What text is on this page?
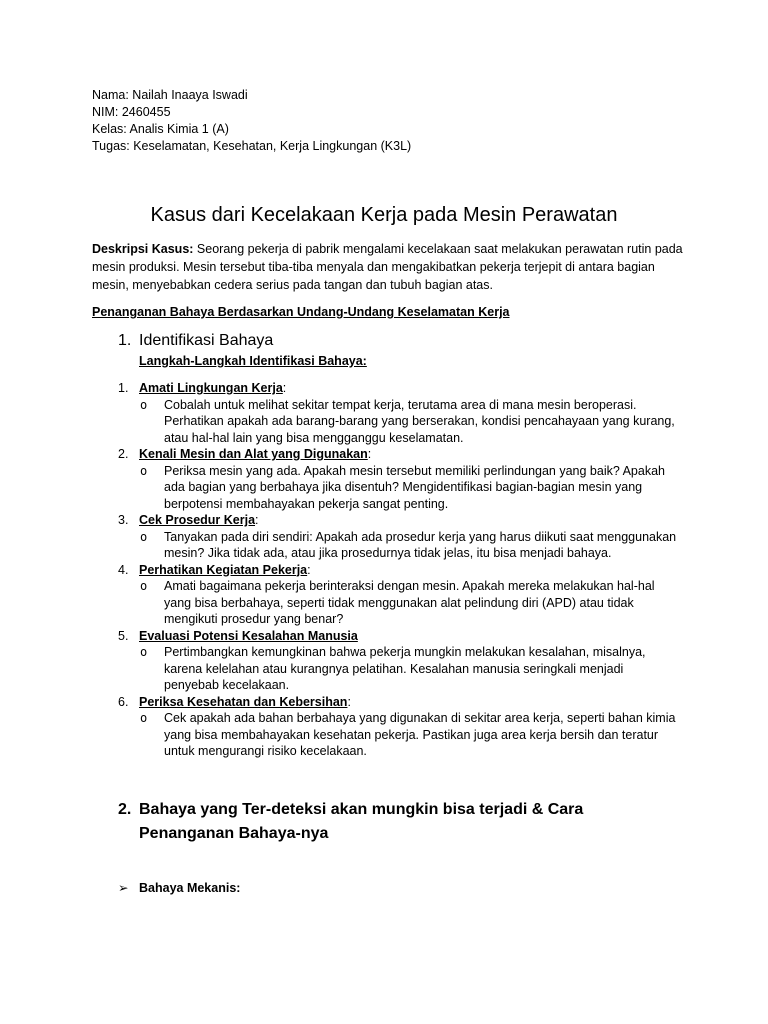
Nama: Nailah Inaaya Iswadi
NIM: 2460455
Kelas: Analis Kimia 1 (A)
Tugas: Keselamatan, Kesehatan, Kerja Lingkungan (K3L)
Kasus dari Kecelakaan Kerja pada Mesin Perawatan

Deskripsi Kasus: Seorang pekerja di pabrik mengalami kecelakaan saat melakukan perawatan rutin pada mesin produksi. Mesin tersebut tiba-tiba menyala dan mengakibatkan pekerja terjepit di antara bagian mesin, menyebabkan cedera serius pada tangan dan tubuh bagian atas.

Penanganan Bahaya Berdasarkan Undang-Undang Keselamatan Kerja
1. Identifikasi Bahaya
Langkah-Langkah Identifikasi Bahaya:
1. Amati Lingkungan Kerja:
o Cobalah untuk melihat sekitar tempat kerja, terutama area di mana mesin beroperasi. Perhatikan apakah ada barang-barang yang berserakan, kondisi pencahayaan yang kurang, atau hal-hal lain yang bisa mengganggu keselamatan.
2. Kenali Mesin dan Alat yang Digunakan:
o Periksa mesin yang ada. Apakah mesin tersebut memiliki perlindungan yang baik? Apakah ada bagian yang berbahaya jika disentuh? Mengidentifikasi bagian-bagian mesin yang berpotensi membahayakan pekerja sangat penting.
3. Cek Prosedur Kerja:
o Tanyakan pada diri sendiri: Apakah ada prosedur kerja yang harus diikuti saat menggunakan mesin? Jika tidak ada, atau jika prosedurnya tidak jelas, itu bisa menjadi bahaya.
4. Perhatikan Kegiatan Pekerja:
o Amati bagaimana pekerja berinteraksi dengan mesin. Apakah mereka melakukan hal-hal yang bisa berbahaya, seperti tidak menggunakan alat pelindung diri (APD) atau tidak mengikuti prosedur yang benar?
5. Evaluasi Potensi Kesalahan Manusia
o Pertimbangkan kemungkinan bahwa pekerja mungkin melakukan kesalahan, misalnya, karena kelelahan atau kurangnya pelatihan. Kesalahan manusia seringkali menjadi penyebab kecelakaan.
6. Periksa Kesehatan dan Kebersihan:
o Cek apakah ada bahan berbahaya yang digunakan di sekitar area kerja, seperti bahan kimia yang bisa membahayakan kesehatan pekerja. Pastikan juga area kerja bersih dan teratur untuk mengurangi risiko kecelakaan.
2. Bahaya yang Ter-deteksi akan mungkin bisa terjadi & Cara Penanganan Bahaya-nya
➢ Bahaya Mekanis:
